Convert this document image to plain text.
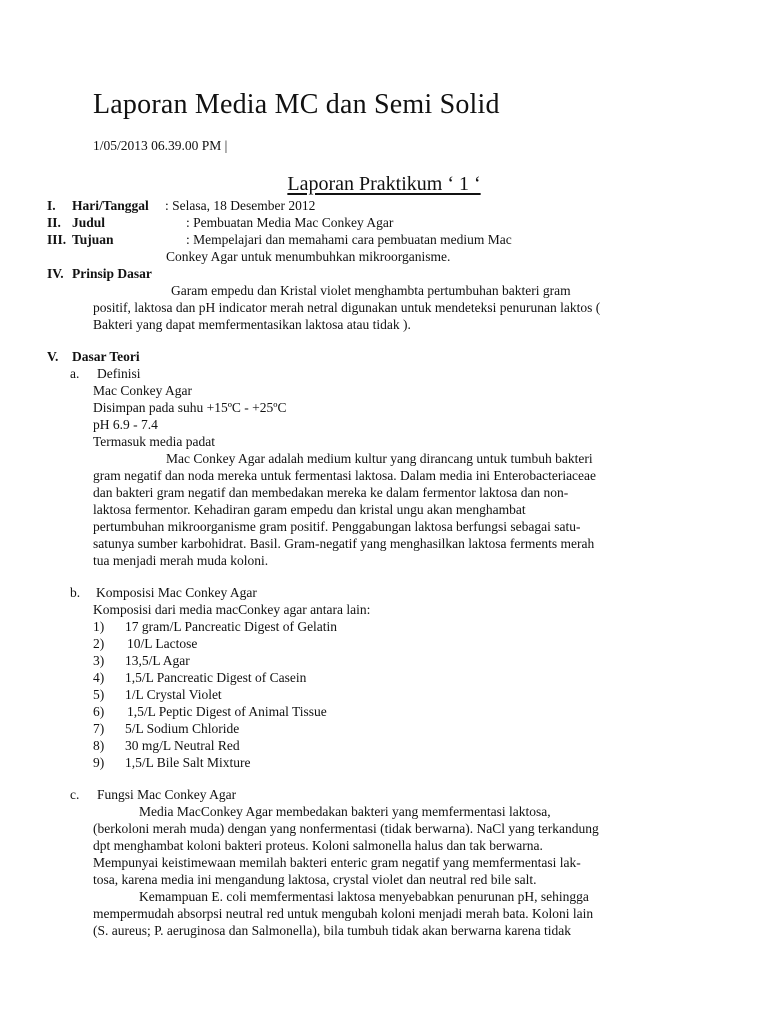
Laporan Media MC dan Semi Solid
1/05/2013 06.39.00 PM |
Laporan Praktikum ‘ 1 ‘
I. Hari/Tanggal : Selasa, 18 Desember 2012
II. Judul	: Pembuatan Media Mac Conkey Agar
III. Tujuan	: Mempelajari dan memahami cara pembuatan medium Mac
Conkey Agar untuk menumbuhkan mikroorganisme.
IV. Prinsip Dasar
Garam empedu dan Kristal violet menghambta pertumbuhan bakteri gram
positif, laktosa dan pH indicator merah netral digunakan untuk mendeteksi penurunan laktos (
Bakteri yang dapat memfermentasikan laktosa atau tidak ).
V. Dasar Teori
a. Definisi
Mac Conkey Agar
Disimpan pada suhu +15ºC - +25ºC
pH 6.9 - 7.4
Termasuk media padat
Mac Conkey Agar adalah medium kultur yang dirancang untuk tumbuh bakteri
gram negatif dan noda mereka untuk fermentasi laktosa. Dalam media ini Enterobacteriaceae
dan bakteri gram negatif dan membedakan mereka ke dalam fermentor laktosa dan non-
laktosa fermentor. Kehadiran garam empedu dan kristal ungu akan menghambat
pertumbuhan mikroorganisme gram positif. Penggabungan laktosa berfungsi sebagai satu-
satunya sumber karbohidrat. Basil. Gram-negatif yang menghasilkan laktosa ferments merah
tua menjadi merah muda koloni.
b. Komposisi Mac Conkey Agar
Komposisi dari media macConkey agar antara lain:
1) 17 gram/L Pancreatic Digest of Gelatin
2) 10/L Lactose
3) 13,5/L Agar
4) 1,5/L Pancreatic Digest of Casein
5) 1/L Crystal Violet
6) 1,5/L Peptic Digest of Animal Tissue
7) 5/L Sodium Chloride
8) 30 mg/L Neutral Red
9) 1,5/L Bile Salt Mixture
c. Fungsi Mac Conkey Agar
Media MacConkey Agar membedakan bakteri yang memfermentasi laktosa,
(berkoloni merah muda) dengan yang nonfermentasi (tidak berwarna). NaCl yang terkandung
dpt menghambat koloni bakteri proteus. Koloni salmonella halus dan tak berwarna.
Mempunyai keistimewaan memilah bakteri enteric gram negatif yang memfermentasi lak-
tosa, karena media ini mengandung laktosa, crystal violet dan neutral red bile salt.
Kemampuan E. coli memfermentasi laktosa menyebabkan penurunan pH, sehingga
mempermudah absorpsi neutral red untuk mengubah koloni menjadi merah bata. Koloni lain
(S. aureus; P. aeruginosa dan Salmonella), bila tumbuh tidak akan berwarna karena tidak
